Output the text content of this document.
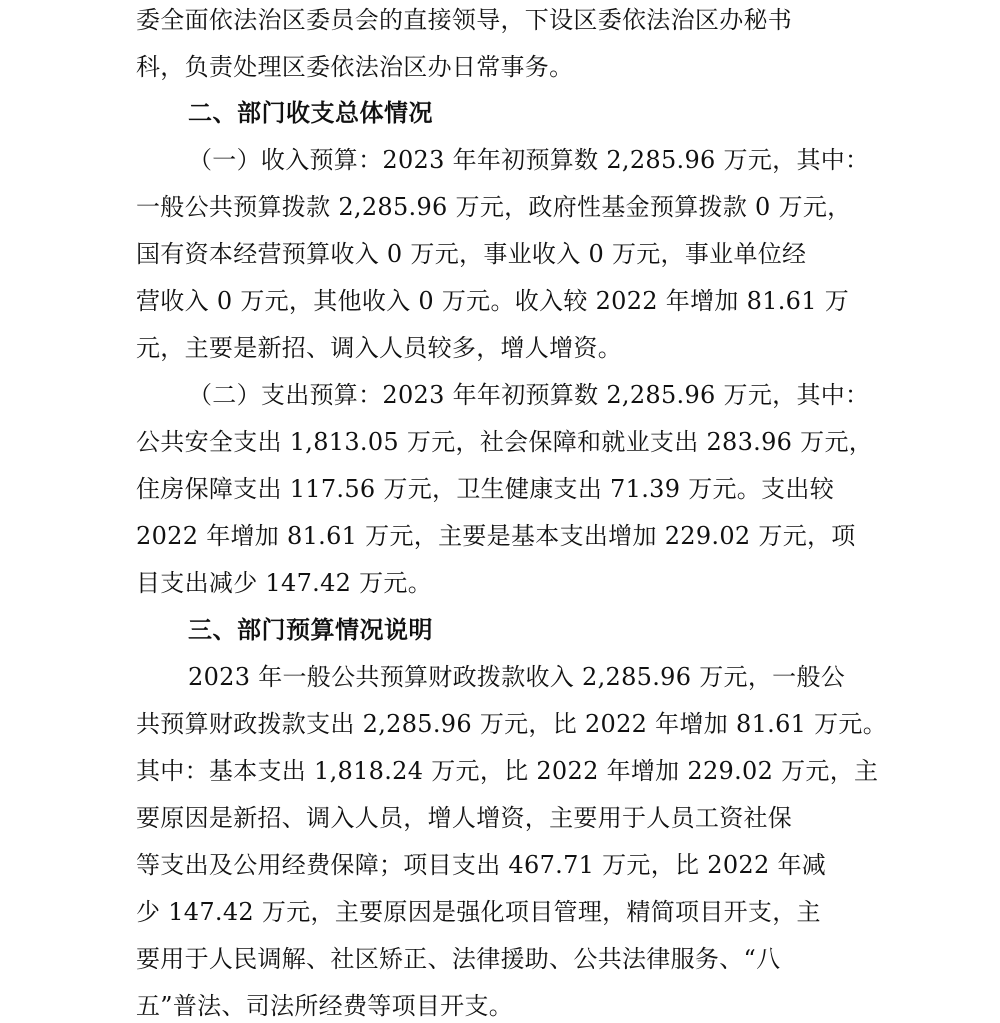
委全面依法治区委员会的直接领导，下设区委依法治区办秘书
科，负责处理区委依法治区办日常事务。
二、部门收支总体情况
（一）收入预算：2023 年年初预算数 2,285.96 万元，其中：
一般公共预算拨款 2,285.96 万元，政府性基金预算拨款 0 万元，
国有资本经营预算收入 0 万元，事业收入 0 万元，事业单位经
营收入 0 万元，其他收入 0 万元。收入较 2022 年增加 81.61 万
元，主要是新招、调入人员较多，增人增资。
（二）支出预算：2023 年年初预算数 2,285.96 万元，其中：
公共安全支出 1,813.05 万元，社会保障和就业支出 283.96 万元，
住房保障支出 117.56 万元，卫生健康支出 71.39 万元。支出较
2022 年增加 81.61 万元，主要是基本支出增加 229.02 万元，项
目支出减少 147.42 万元。
三、部门预算情况说明
2023 年一般公共预算财政拨款收入 2,285.96 万元，一般公
共预算财政拨款支出 2,285.96 万元，比 2022 年增加 81.61 万元。
其中：基本支出 1,818.24 万元，比 2022 年增加 229.02 万元，主
要原因是新招、调入人员，增人增资，主要用于人员工资社保
等支出及公用经费保障；项目支出 467.71 万元，比 2022 年减
少 147.42 万元，主要原因是强化项目管理，精简项目开支，主
要用于人民调解、社区矫正、法律援助、公共法律服务、“八
五”普法、司法所经费等项目开支。
